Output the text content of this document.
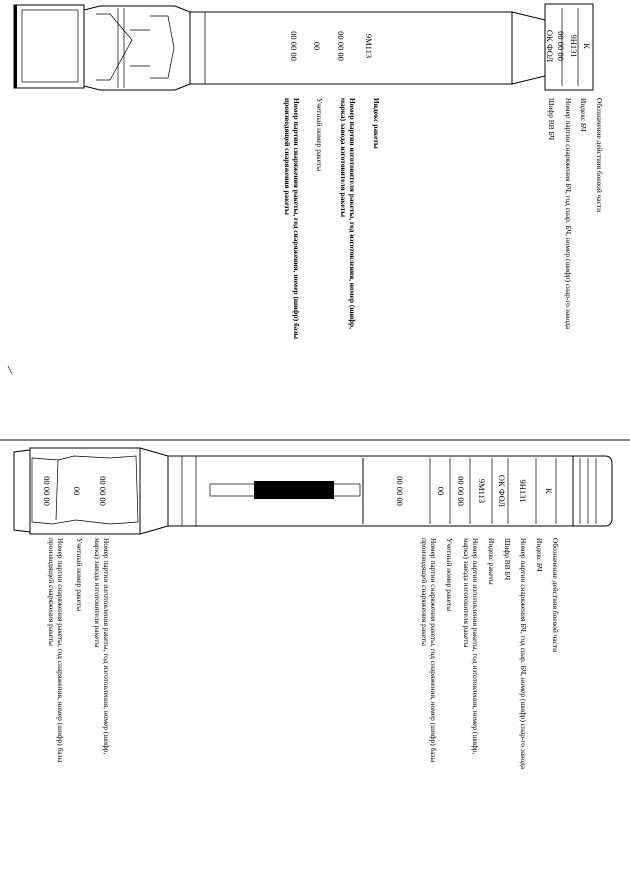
К
9Н131
00 00 00
ОК ФОЛ
9М113
00 00 00
00
00 00 00
Обозначение действия боевой части
Индекс БЧ
Номер партии снаряжения БЧ, год снар. БЧ, номер (шифр) снар-го завода
Шифр ВВ БЧ
Индекс ракеты
Номер партии изготовителя ракеты, год изготовления, номер (шифр,
марка) завода изготовителя ракеты
Учетный номер ракеты
Номер партии снаряжения ракеты, год снаряжения, номер (шифр) базы
производящей снаряжения ракеты
К
9Н131
ОК ФОЛ
9М113
00 00 00
00
00 00 00
00 00 00
00
00 00 00
Обозначение действия боевой части
Индекс БЧ
Номер партии снаряжения БЧ, год снар. БЧ, номер (шифр) снар-го завода
Шифр ВВ БЧ
Индекс ракеты
Номер партии изготовления ракеты, год изготовления, номер (шифр,
марка) завода изготовителя ракеты
Учетный номер ракеты
Номер партии снаряжения ракеты, год снаряжения, номер (шифр) базы
производящей снаряжения ракеты
Номер партии изготовления ракеты, год изготовления, номер (шифр,
марка) завода изготовителя ракеты
Учетный номер ракеты
Номер партии снаряжения ракеты, год снаряжения, номер (шифр) базы
производящей снаряжения ракеты
